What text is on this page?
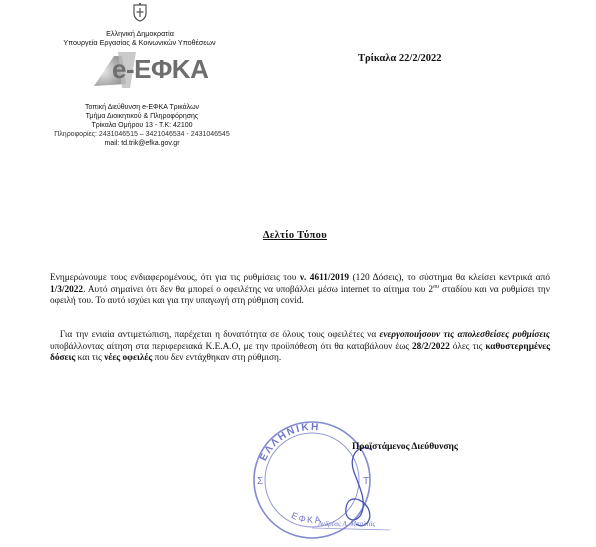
Ελληνική Δημοκρατία
Υπουργεία Εργασίας & Κοινωνικών Υποθέσεων
e-ΕΦΚΑ
Τοπική Διεύθυνση e-ΕΦΚΑ Τρικάλων
Τμήμα Διοικητικού & Πληροφόρησης
Τρίκαλα Ομήρου 13 - Τ.Κ: 42100
Πληροφορίες: 2431046515 – 3421046534 - 2431046545
mail: td.trik@efka.gov.gr
Τρίκαλα 22/2/2022
Δελτίο Τύπου
Ενημερώνουμε τους ενδιαφερομένους, ότι για τις ρυθμίσεις του ν. 4611/2019 (120 Δόσεις), το σύστημα θα κλείσει κεντρικά από 1/3/2022. Αυτό σημαίνει ότι δεν θα μπορεί ο οφειλέτης να υποβάλλει μέσω internet το αίτημα του $2^{o\upsilon}$ σταδίου και να ρυθμίσει την οφειλή του. Το αυτό ισχύει και για την υπαγωγή στη ρύθμιση covid.
Για την ενιαία αντιμετώπιση, παρέχεται η δυνατότητα σε όλους τους οφειλέτες να ενεργοποιήσουν τις απολεσθείσες ρυθμίσεις υποβάλλοντας αίτηση στα περιφερειακά Κ.Ε.Α.Ο, με την προϋπόθεση ότι θα καταβάλουν έως 28/2/2022 όλες τις καθυστερημένες δόσεις και τις νέες οφειλές που δεν εντάχθηκαν στη ρύθμιση.
ΕΛΛΗΝΙΚΗ
ΕΦΚΑ
Σ	Τ
Ανδρέας Α. Μπαλτάς
Προϊστάμενος Διεύθυνσης
